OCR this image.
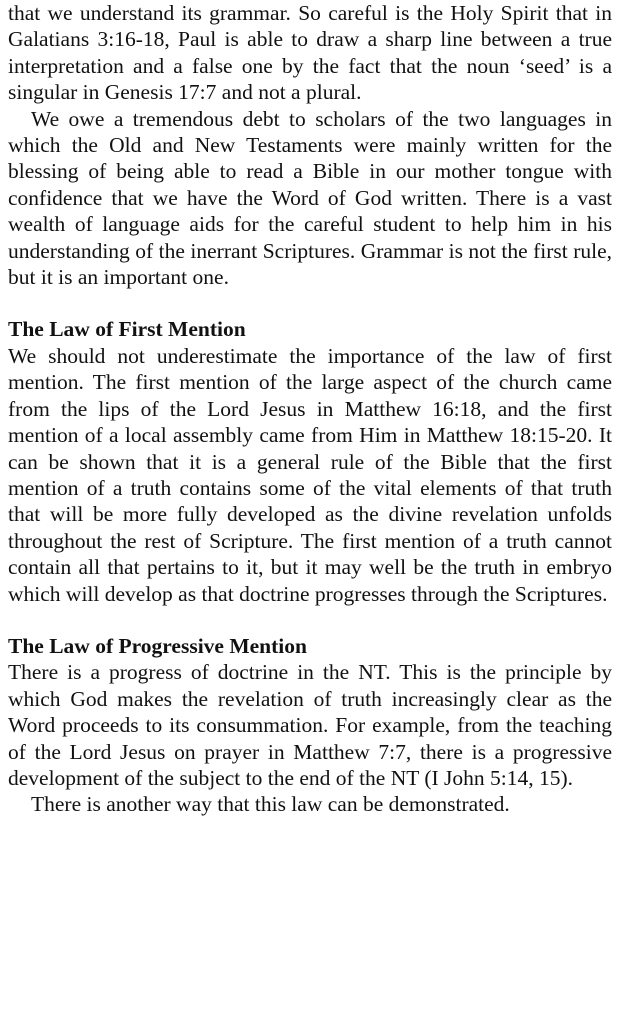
that we understand its grammar. So careful is the Holy Spirit that in Galatians 3:16-18, Paul is able to draw a sharp line between a true interpretation and a false one by the fact that the noun ‘seed’ is a singular in Genesis 17:7 and not a plural.

We owe a tremendous debt to scholars of the two languages in which the Old and New Testaments were mainly written for the blessing of being able to read a Bible in our mother tongue with confidence that we have the Word of God written. There is a vast wealth of language aids for the careful student to help him in his understanding of the inerrant Scriptures. Grammar is not the first rule, but it is an important one.

The Law of First Mention

We should not underestimate the importance of the law of first mention. The first mention of the large aspect of the church came from the lips of the Lord Jesus in Matthew 16:18, and the first mention of a local assembly came from Him in Matthew 18:15-20. It can be shown that it is a general rule of the Bible that the first mention of a truth contains some of the vital elements of that truth that will be more fully developed as the divine revelation unfolds throughout the rest of Scripture. The first mention of a truth cannot contain all that pertains to it, but it may well be the truth in embryo which will develop as that doctrine progresses through the Scriptures.

The Law of Progressive Mention

There is a progress of doctrine in the NT. This is the principle by which God makes the revelation of truth increasingly clear as the Word proceeds to its consummation. For example, from the teaching of the Lord Jesus on prayer in Matthew 7:7, there is a progressive development of the subject to the end of the NT (I John 5:14, 15).

There is another way that this law can be demonstrated.
